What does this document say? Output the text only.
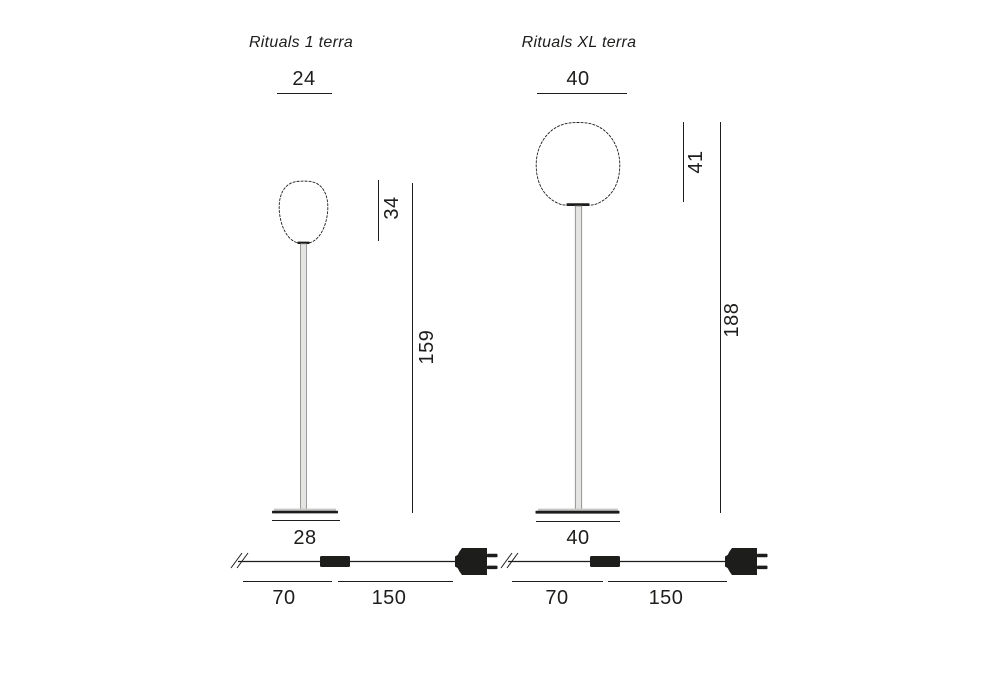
Rituals 1 terra
24
34
159
28
Rituals XL terra
40
41
188
40
70	150	70	150
